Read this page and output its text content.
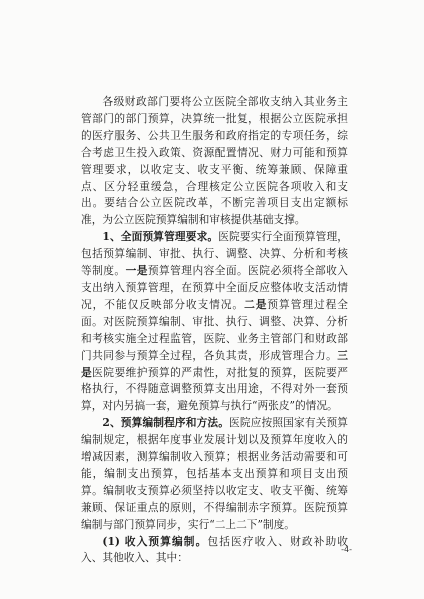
各级财政部门要将公立医院全部收支纳入其业务主管部门的部门预算，决算统一批复，根据公立医院承担的医疗服务、公共卫生服务和政府指定的专项任务，综合考虑卫生投入政策、资源配置情况、财力可能和预算管理要求，以收定支、收支平衡、统筹兼顾、保障重点、区分轻重缓急，合理核定公立医院各项收入和支出。要结合公立医院改革，不断完善项目支出定额标准，为公立医院预算编制和审核提供基础支撑。

1、全面预算管理要求。医院要实行全面预算管理，包括预算编制、审批、执行、调整、决算、分析和考核等制度。一是预算管理内容全面。医院必须将全部收入支出纳入预算管理，在预算中全面反应整体收支活动情况，不能仅反映部分收支情况。二是预算管理过程全面。对医院预算编制、审批、执行、调整、决算、分析和考核实施全过程监管，医院、业务主管部门和财政部门共同参与预算全过程，各负其责，形成管理合力。三是医院要维护预算的严肃性，对批复的预算，医院要严格执行，不得随意调整预算支出用途，不得对外一套预算，对内另搞一套，避免预算与执行“两张皮”的情况。

2、预算编制程序和方法。医院应按照国家有关预算编制规定，根据年度事业发展计划以及预算年度收入的增减因素，测算编制收入预算；根据业务活动需要和可能，编制支出预算，包括基本支出预算和项目支出预算。编制收支预算必须坚持以收定支、收支平衡、统筹兼顾、保证重点的原则，不得编制赤字预算。医院预算编制与部门预算同步，实行“二上二下”制度。

(1) 收入预算编制。包括医疗收入、财政补助收入、其他收入、其中：

-4-
